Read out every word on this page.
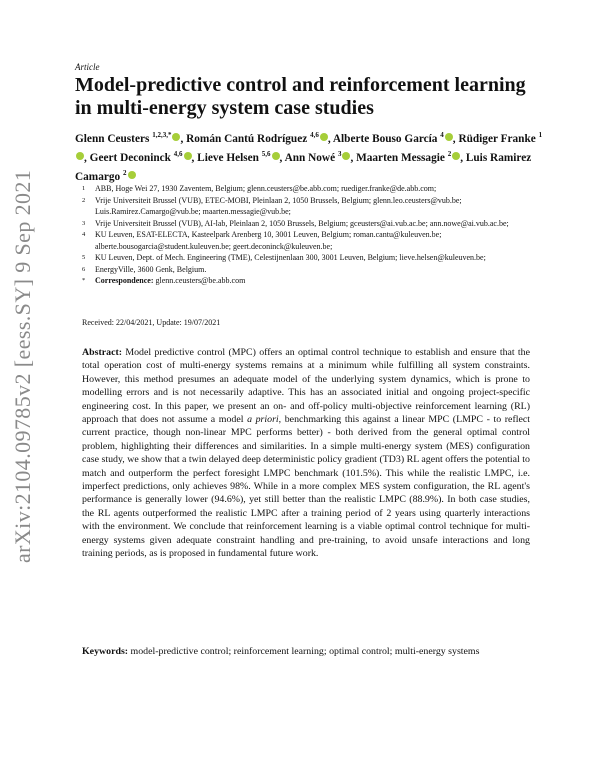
arXiv:2104.09785v2 [eess.SY] 9 Sep 2021
Article
Model-predictive control and reinforcement learning in multi-energy system case studies
Glenn Ceusters $^{1,2,3,*}$ , Román Cantú Rodríguez $^{4,6}$ , Alberte Bouso García $^4$ , Rüdiger Franke $^1$, Geert Deconinck $^{4,6}$ , Lieve Helsen $^{5,6}$ , Ann Nowé $^3$ , Maarten Messagie $^2$ , Luis Ramirez Camargo $^2$
1	ABB, Hoge Wei 27, 1930 Zaventem, Belgium; glenn.ceusters@be.abb.com; ruediger.franke@de.abb.com;
2	Vrije Universiteit Brussel (VUB), ETEC-MOBI, Pleinlaan 2, 1050 Brussels, Belgium; glenn.leo.ceusters@vub.be; Luis.Ramirez.Camargo@vub.be; maarten.messagie@vub.be;
3	Vrije Universiteit Brussel (VUB), AI-lab, Pleinlaan 2, 1050 Brussels, Belgium; gceusters@ai.vub.ac.be; ann.nowe@ai.vub.ac.be;
4	KU Leuven, ESAT-ELECTA, Kasteelpark Arenberg 10, 3001 Leuven, Belgium; roman.cantu@kuleuven.be; alberte.bousogarcia@student.kuleuven.be; geert.deconinck@kuleuven.be;
5	KU Leuven, Dept. of Mech. Engineering (TME), Celestijnenlaan 300, 3001 Leuven, Belgium; lieve.helsen@kuleuven.be;
6	EnergyVille, 3600 Genk, Belgium.
*	Correspondence: glenn.ceusters@be.abb.com
Received: 22/04/2021, Update: 19/07/2021
Abstract: Model predictive control (MPC) offers an optimal control technique to establish and ensure that the total operation cost of multi-energy systems remains at a minimum while fulfilling all system constraints. However, this method presumes an adequate model of the underlying system dynamics, which is prone to modelling errors and is not necessarily adaptive. This has an associated initial and ongoing project-specific engineering cost. In this paper, we present an on- and off-policy multi-objective reinforcement learning (RL) approach that does not assume a model a priori, benchmarking this against a linear MPC (LMPC - to reflect current practice, though non-linear MPC performs better) - both derived from the general optimal control problem, highlighting their differences and similarities. In a simple multi-energy system (MES) configuration case study, we show that a twin delayed deep deterministic policy gradient (TD3) RL agent offers the potential to match and outperform the perfect foresight LMPC benchmark (101.5%). This while the realistic LMPC, i.e. imperfect predictions, only achieves 98%. While in a more complex MES system configuration, the RL agent's performance is generally lower (94.6%), yet still better than the realistic LMPC (88.9%). In both case studies, the RL agents outperformed the realistic LMPC after a training period of 2 years using quarterly interactions with the environment. We conclude that reinforcement learning is a viable optimal control technique for multi-energy systems given adequate constraint handling and pre-training, to avoid unsafe interactions and long training periods, as is proposed in fundamental future work.
Keywords: model-predictive control; reinforcement learning; optimal control; multi-energy systems
